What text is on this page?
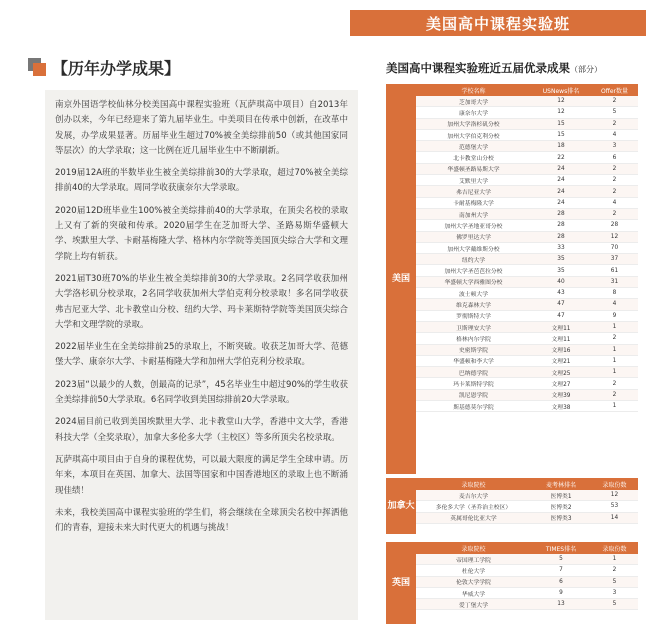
美国高中课程实验班
【历年办学成果】

南京外国语学校仙林分校美国高中课程实验班（瓦萨琪高中项目）自2013年创办以来，今年已经迎来了第九届毕业生。中美项目在传承中创新，在改革中发展，办学成果显著。历届毕业生超过70%被全美综排前50（或其他国家同等层次）的大学录取；这一比例在近几届毕业生中不断刷新。

2019届12A班的半数毕业生被全美综排前30的大学录取，超过70%被全美综排前40的大学录取。周同学收获康奈尔大学录取。

2020届12D班毕业生100%被全美综排前40的大学录取，在顶尖名校的录取上又有了新的突破和传承。2020届学生在芝加哥大学、圣路易斯华盛顿大学、埃默里大学、卡耐基梅隆大学、格林内尔学院等美国顶尖综合大学和文理学院上均有斩获。

2021届T30班70%的毕业生被全美综排前30的大学录取。2名同学收获加州大学洛杉矶分校录取，2名同学收获加州大学伯克利分校录取！多名同学收获弗吉尼亚大学、北卡教堂山分校、纽约大学、玛卡莱斯特学院等美国顶尖综合大学和文理学院的录取。

2022届毕业生在全美综排前25的录取上，不断突破。收获芝加哥大学、范德堡大学、康奈尔大学、卡耐基梅隆大学和加州大学伯克利分校录取。

2023届“以最少的人数，创最高的记录”，45名毕业生中超过90%的学生收获全美综排前50大学录取。6名同学收到美国综排前20大学录取。

2024届目前已收到美国埃默里大学、北卡教堂山大学，香港中文大学，香港科技大学（全奖录取），加拿大多伦多大学（主校区）等多所顶尖名校录取。

瓦萨琪高中项目由于自身的课程优势，可以最大限度的满足学生全球申请。历年来，本项目在英国、加拿大、法国等国家和中国香港地区的录取上也不断涌现佳绩！

未来，我校美国高中课程实验班的学生们，将会继续在全球顶尖名校中挥洒他们的青春，迎接未来大时代更大的机遇与挑战！

美国高中课程实验班近五届优录成果（部分）
美国
学校名称	USNews排名	Offer数量
芝加哥大学	12	2
康奈尔大学	12	5
加州大学洛杉矶分校	15	2
加州大学伯克利分校	15	4
范德堡大学	18	3
北卡教堂山分校	22	6
华盛顿圣路易斯大学	24	2
艾默里大学	24	2
弗吉尼亚大学	24	2
卡耐基梅隆大学	24	4
南加州大学	28	2
加州大学圣地亚哥分校	28	28
佛罗里达大学	28	12
加州大学戴维斯分校	33	70
纽约大学	35	37
加州大学圣芭芭拉分校	35	61
华盛顿大学西雅图分校	40	31
波士顿大学	43	8
维克森林大学	47	4
罗彻斯特大学	47	9
卫斯理安大学	文理11	1
格林内尔学院	文理11	2
史密斯学院	文理16	1
华盛顿和李大学	文理21	1
巴纳德学院	文理25	1
玛卡莱斯特学院	文理27	2
凯尼恩学院	文理39	2
斯基德莫尔学院	文理38	1
加拿大
录取院校	麦考林排名	录取份数
麦吉尔大学	医博类1	12
多伦多大学（圣乔治主校区）	医博类2	53
英属哥伦比亚大学	医博类3	14
英国
录取院校	TIMES排名	录取份数
帝国理工学院	5	1
杜伦大学	7	2
伦敦大学学院	6	5
华威大学	9	3
爱丁堡大学	13	5
